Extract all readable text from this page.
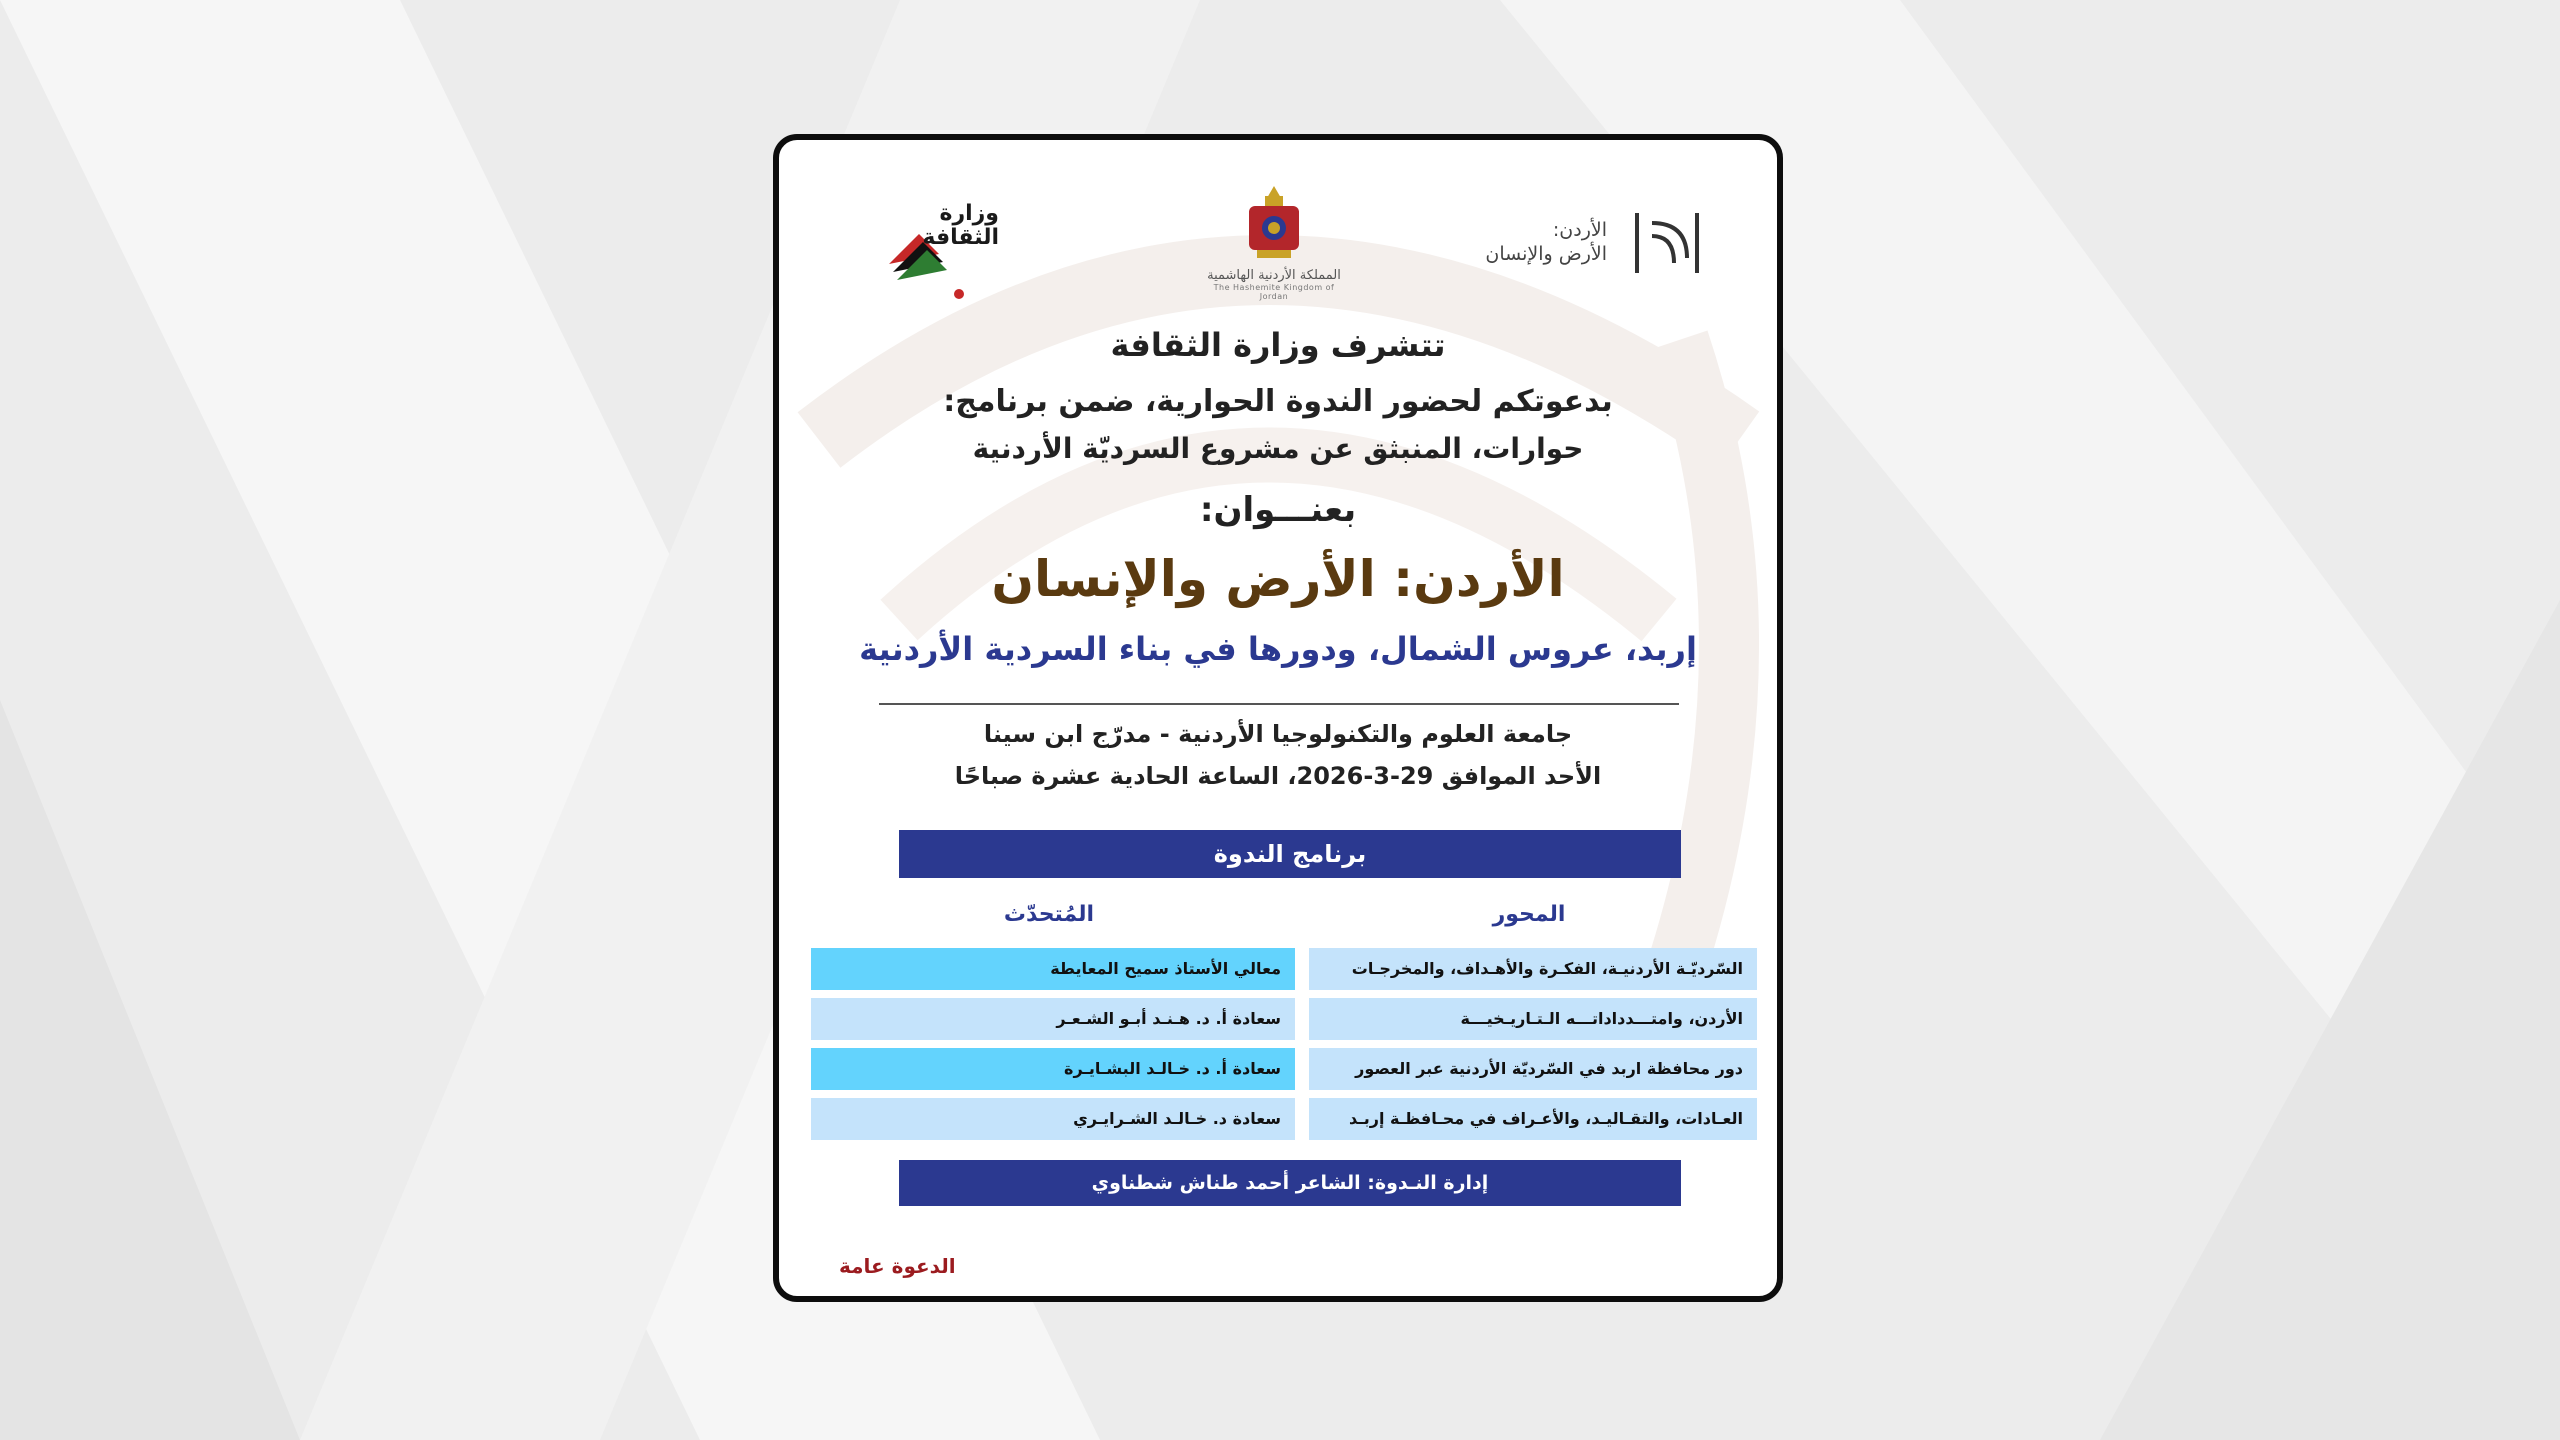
الأردن:
الأرض والإنسان
المملكة الأردنية الهاشمية
The Hashemite Kingdom of Jordan
وزارة
الثقافة
تتشرف وزارة الثقافة
بدعوتكم لحضور الندوة الحوارية، ضمن برنامج:
حوارات، المنبثق عن مشروع السرديّة الأردنية
بعنـــوان:
الأردن: الأرض والإنسان
إربد، عروس الشمال، ودورها في بناء السردية الأردنية
جامعة العلوم والتكنولوجيا الأردنية - مدرّج ابن سينا
الأحد الموافق 29-3-2026، الساعة الحادية عشرة صباحًا
برنامج الندوة
المحور
المُتحدّث
السّرديّـة الأردنيـة، الفكـرة والأهـداف، والمخرجـات
معالي الأستاذ سميح المعايطة
الأردن، وامتـــدداداتـــه الـتـاريـخيـــة
سعادة أ. د. هـنـد أبـو الشـعـر
دور محافظة اربد في السّرديّة الأردنية عبر العصور
سعادة أ. د. خـالـد البشـايـرة
العـادات، والتقـاليـد، والأعـراف في محـافظـة إربـد
سعادة د. خـالـد الشـرايـري
إدارة النـدوة: الشاعر أحمد طناش شطناوي
الدعوة عامة
